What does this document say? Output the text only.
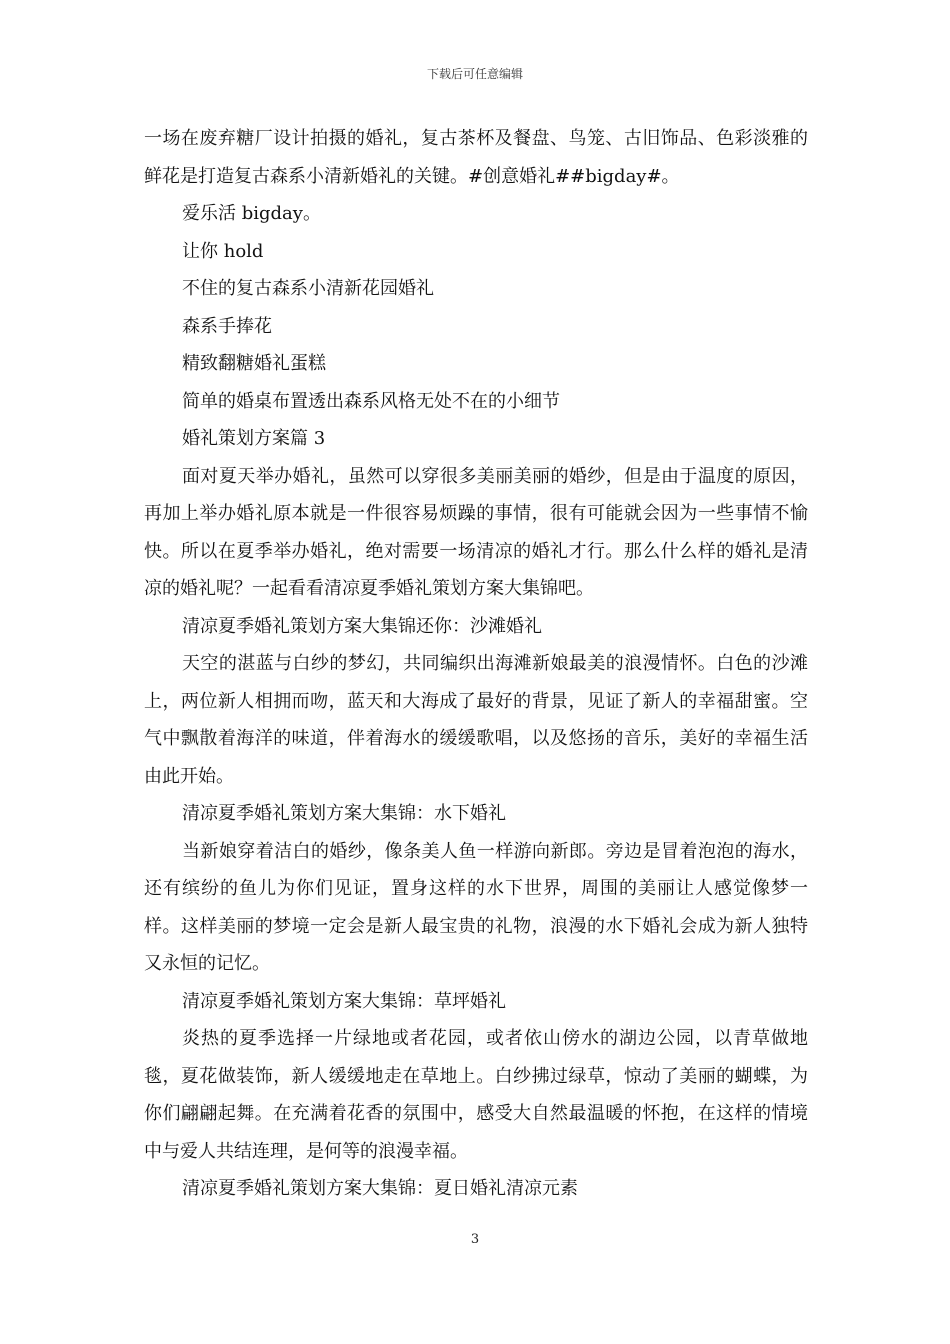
下载后可任意编辑

一场在废弃糖厂设计拍摄的婚礼，复古茶杯及餐盘、鸟笼、古旧饰品、色彩淡雅的鲜花是打造复古森系小清新婚礼的关键。#创意婚礼##bigday#。

爱乐活 bigday。

让你 hold

不住的复古森系小清新花园婚礼

森系手捧花

精致翻糖婚礼蛋糕

简单的婚桌布置透出森系风格无处不在的小细节

婚礼策划方案篇 3

面对夏天举办婚礼，虽然可以穿很多美丽美丽的婚纱，但是由于温度的原因，再加上举办婚礼原本就是一件很容易烦躁的事情，很有可能就会因为一些事情不愉快。所以在夏季举办婚礼，绝对需要一场清凉的婚礼才行。那么什么样的婚礼是清凉的婚礼呢？一起看看清凉夏季婚礼策划方案大集锦吧。

清凉夏季婚礼策划方案大集锦还你：沙滩婚礼

天空的湛蓝与白纱的梦幻，共同编织出海滩新娘最美的浪漫情怀。白色的沙滩上，两位新人相拥而吻，蓝天和大海成了最好的背景，见证了新人的幸福甜蜜。空气中飘散着海洋的味道，伴着海水的缓缓歌唱，以及悠扬的音乐，美好的幸福生活由此开始。

清凉夏季婚礼策划方案大集锦：水下婚礼

当新娘穿着洁白的婚纱，像条美人鱼一样游向新郎。旁边是冒着泡泡的海水，还有缤纷的鱼儿为你们见证，置身这样的水下世界，周围的美丽让人感觉像梦一样。这样美丽的梦境一定会是新人最宝贵的礼物，浪漫的水下婚礼会成为新人独特又永恒的记忆。

清凉夏季婚礼策划方案大集锦：草坪婚礼

炎热的夏季选择一片绿地或者花园，或者依山傍水的湖边公园，以青草做地毯，夏花做装饰，新人缓缓地走在草地上。白纱拂过绿草，惊动了美丽的蝴蝶，为你们翩翩起舞。在充满着花香的氛围中，感受大自然最温暖的怀抱，在这样的情境中与爱人共结连理，是何等的浪漫幸福。

清凉夏季婚礼策划方案大集锦：夏日婚礼清凉元素

3
